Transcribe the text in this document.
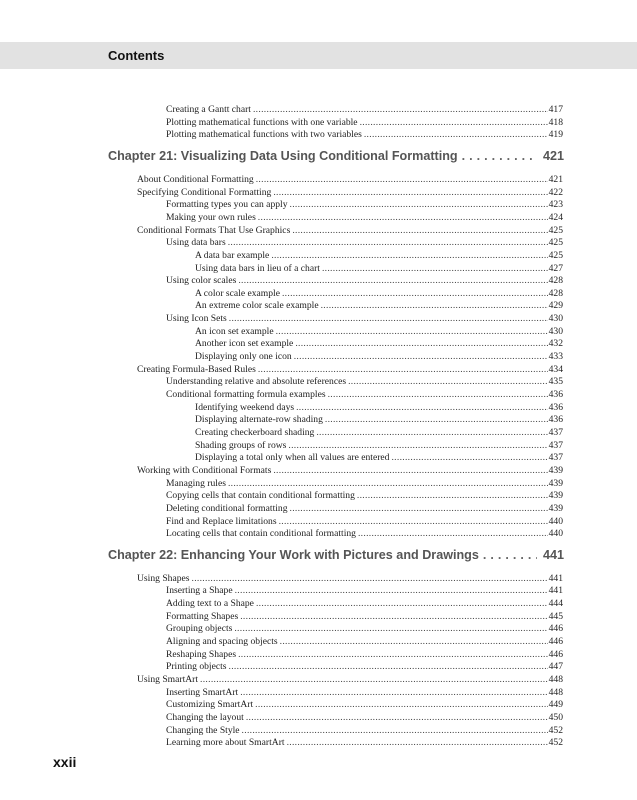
Contents
Creating a Gantt chart .....	417
Plotting mathematical functions with one variable .....	418
Plotting mathematical functions with two variables .....	419
Chapter 21: Visualizing Data Using Conditional Formatting .....	421
About Conditional Formatting .....	421
Specifying Conditional Formatting .....	422
Formatting types you can apply .....	423
Making your own rules .....	424
Conditional Formats That Use Graphics .....	425
Using data bars .....	425
A data bar example .....	425
Using data bars in lieu of a chart .....	427
Using color scales .....	428
A color scale example .....	428
An extreme color scale example .....	429
Using Icon Sets .....	430
An icon set example .....	430
Another icon set example .....	432
Displaying only one icon .....	433
Creating Formula-Based Rules .....	434
Understanding relative and absolute references .....	435
Conditional formatting formula examples .....	436
Identifying weekend days .....	436
Displaying alternate-row shading .....	436
Creating checkerboard shading .....	437
Shading groups of rows .....	437
Displaying a total only when all values are entered .....	437
Working with Conditional Formats .....	439
Managing rules .....	439
Copying cells that contain conditional formatting .....	439
Deleting conditional formatting .....	439
Find and Replace limitations .....	440
Locating cells that contain conditional formatting .....	440
Chapter 22: Enhancing Your Work with Pictures and Drawings .....	441
Using Shapes .....	441
Inserting a Shape .....	441
Adding text to a Shape .....	444
Formatting Shapes .....	445
Grouping objects .....	446
Aligning and spacing objects .....	446
Reshaping Shapes .....	446
Printing objects .....	447
Using SmartArt .....	448
Inserting SmartArt .....	448
Customizing SmartArt .....	449
Changing the layout .....	450
Changing the Style .....	452
Learning more about SmartArt .....	452
xxii
